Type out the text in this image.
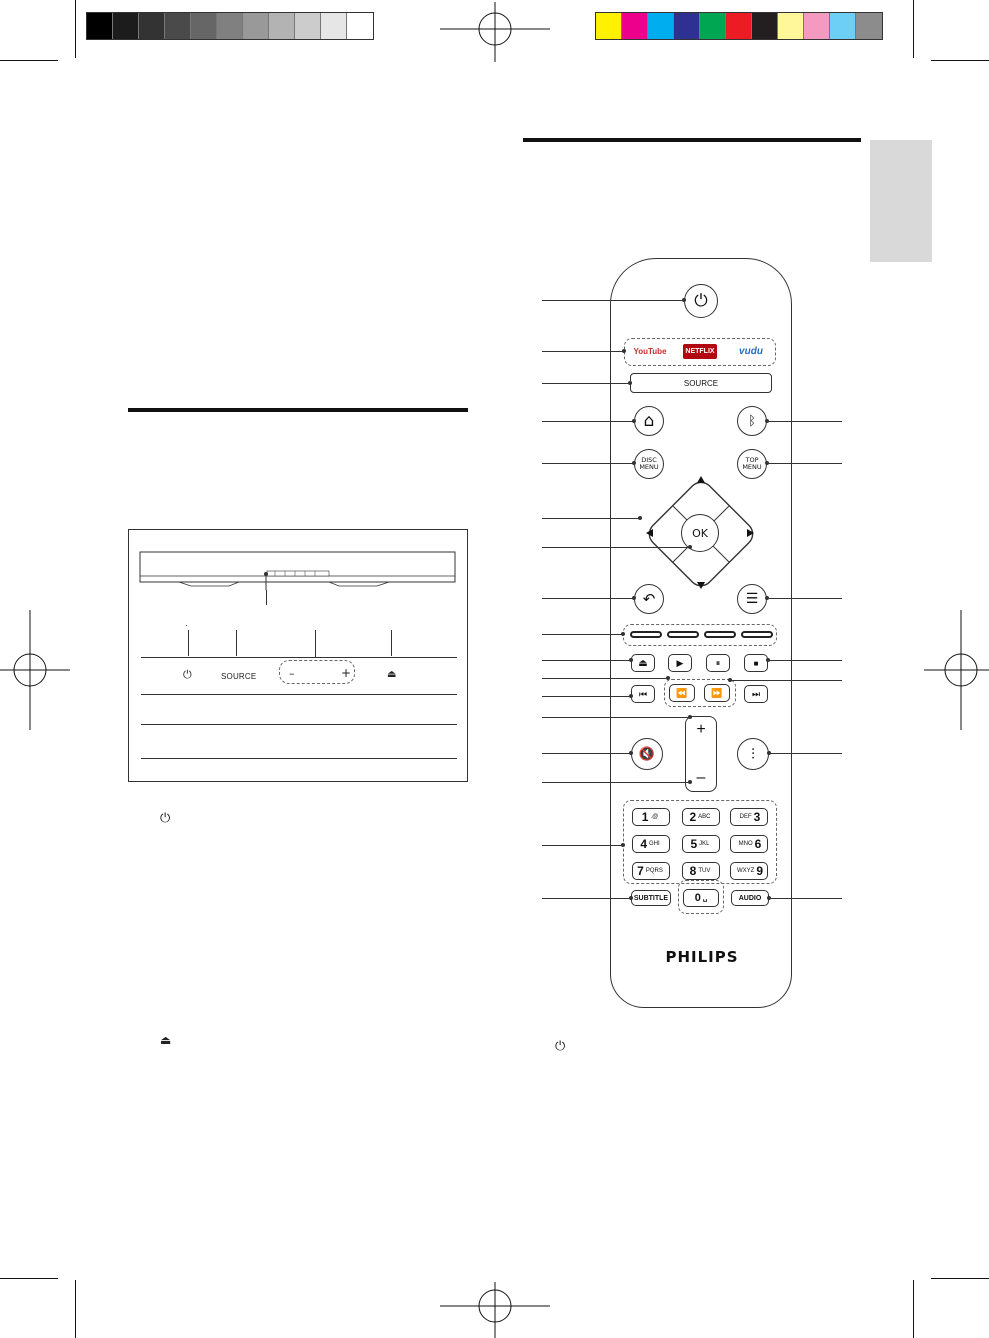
⏻	SOURCE	–	+	⏏
⏻
⏏
⏻
YouTube	NETFLIX vudu
SOURCE
⌂	ᛒ
DISC MENU
TOP MENU
OK
↶	☰
⏏	▶	⏸	■
⏮	⏪	⏩	⏭
🔇
+
–
⫶
1 .@	2 ABC	DEF 3
4 GHI	5 JKL	MNO 6
7 PQRS 8 TUV	WXYZ 9
SUBTITLE 0 ␣	AUDIO
PHILIPS
⏻
